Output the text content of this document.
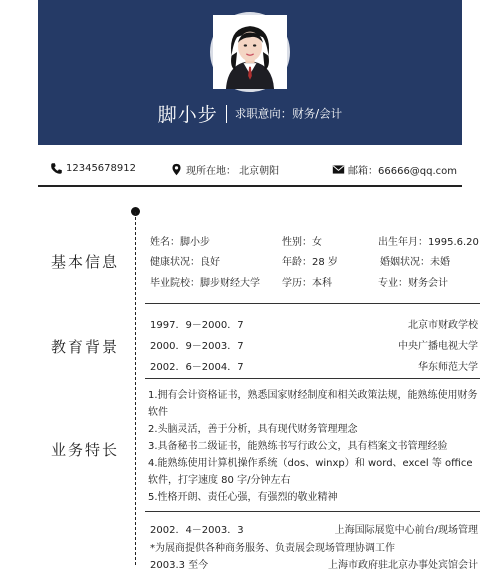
脚小步 求职意向：财务/会计
12345678912	现所在地： 北京朝阳	邮箱：66666@qq.com
基本信息
姓名：脚小步	性别：女	出生年月：1995.6.20
健康状况：良好	年龄：28 岁	婚姻状况：未婚
毕业院校：脚步财经大学 学历：本科	专业：财务会计
教育背景
1997．9－2000．7	北京市财政学校
2000．9－2003．7	中央广播电视大学
2002．6－2004．7	华东师范大学
业务特长
1.拥有会计资格证书，熟悉国家财经制度和相关政策法规，能熟练使用财务软件
2.头脑灵活，善于分析，具有现代财务管理理念
3.具备秘书二级证书，能熟练书写行政公文，具有档案文书管理经验
4.能熟练使用计算机操作系统（dos、winxp）和 word、excel 等 office 软件，打字速度 80 字/分钟左右
5.性格开朗、责任心强，有强烈的敬业精神
2002．4－2003．3	上海国际展览中心前台/现场管理
*为展商提供各种商务服务、负责展会现场管理协调工作
2003.3 至今	上海市政府驻北京办事处宾馆会计
